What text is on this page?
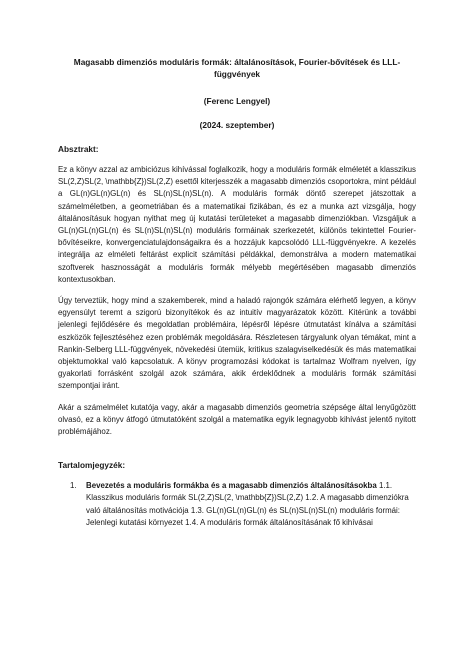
Magasabb dimenziós moduláris formák: általánosítások, Fourier-bővítések és LLL-függvények

(Ferenc Lengyel)

(2024. szeptember)

Absztrakt:

Ez a könyv azzal az ambiciózus kihívással foglalkozik, hogy a moduláris formák elméletét a klasszikus SL(2,Z)SL(2, \mathbb{Z})SL(2,Z) esettől kiterjesszék a magasabb dimenziós csoportokra, mint például a GL(n)GL(n)GL(n) és SL(n)SL(n)SL(n). A moduláris formák döntő szerepet játszottak a számelméletben, a geometriában és a matematikai fizikában, és ez a munka azt vizsgálja, hogy általánosításuk hogyan nyithat meg új kutatási területeket a magasabb dimenziókban. Vizsgáljuk a GL(n)GL(n)GL(n) és SL(n)SL(n)SL(n) moduláris formáinak szerkezetét, különös tekintettel Fourier-bővítéseikre, konvergenciatulajdonságaikra és a hozzájuk kapcsolódó LLL-függvényekre. A kezelés integrálja az elméleti feltárást explicit számítási példákkal, demonstrálva a modern matematikai szoftverek hasznosságát a moduláris formák mélyebb megértésében magasabb dimenziós kontextusokban.

Úgy terveztük, hogy mind a szakemberek, mind a haladó rajongók számára elérhető legyen, a könyv egyensúlyt teremt a szigorú bizonyítékok és az intuitív magyarázatok között. Kitérünk a további jelenlegi fejlődésére és megoldatlan problémáira, lépésről lépésre útmutatást kínálva a számítási eszközök fejlesztéséhez ezen problémák megoldására. Részletesen tárgyalunk olyan témákat, mint a Rankin-Selberg LLL-függvények, növekedési ütemük, kritikus szalagviselkedésük és más matematikai objektumokkal való kapcsolatuk. A könyv programozási kódokat is tartalmaz Wolfram nyelven, így gyakorlati forrásként szolgál azok számára, akik érdeklődnek a moduláris formák számítási szempontjai iránt.

Akár a számelmélet kutatója vagy, akár a magasabb dimenziós geometria szépsége által lenyűgözött olvasó, ez a könyv átfogó útmutatóként szolgál a matematika egyik legnagyobb kihívást jelentő nyitott problémájához.

Tartalomjegyzék:

1.	Bevezetés a moduláris formákba és a magasabb dimenziós általánosításokba 1.1. Klasszikus moduláris formák SL(2,Z)SL(2, \mathbb{Z})SL(2,Z) 1.2. A magasabb dimenziókra való általánosítás motivációja 1.3. GL(n)GL(n)GL(n) és SL(n)SL(n)SL(n) moduláris formái: Jelenlegi kutatási környezet 1.4. A moduláris formák általánosításának fő kihívásai
